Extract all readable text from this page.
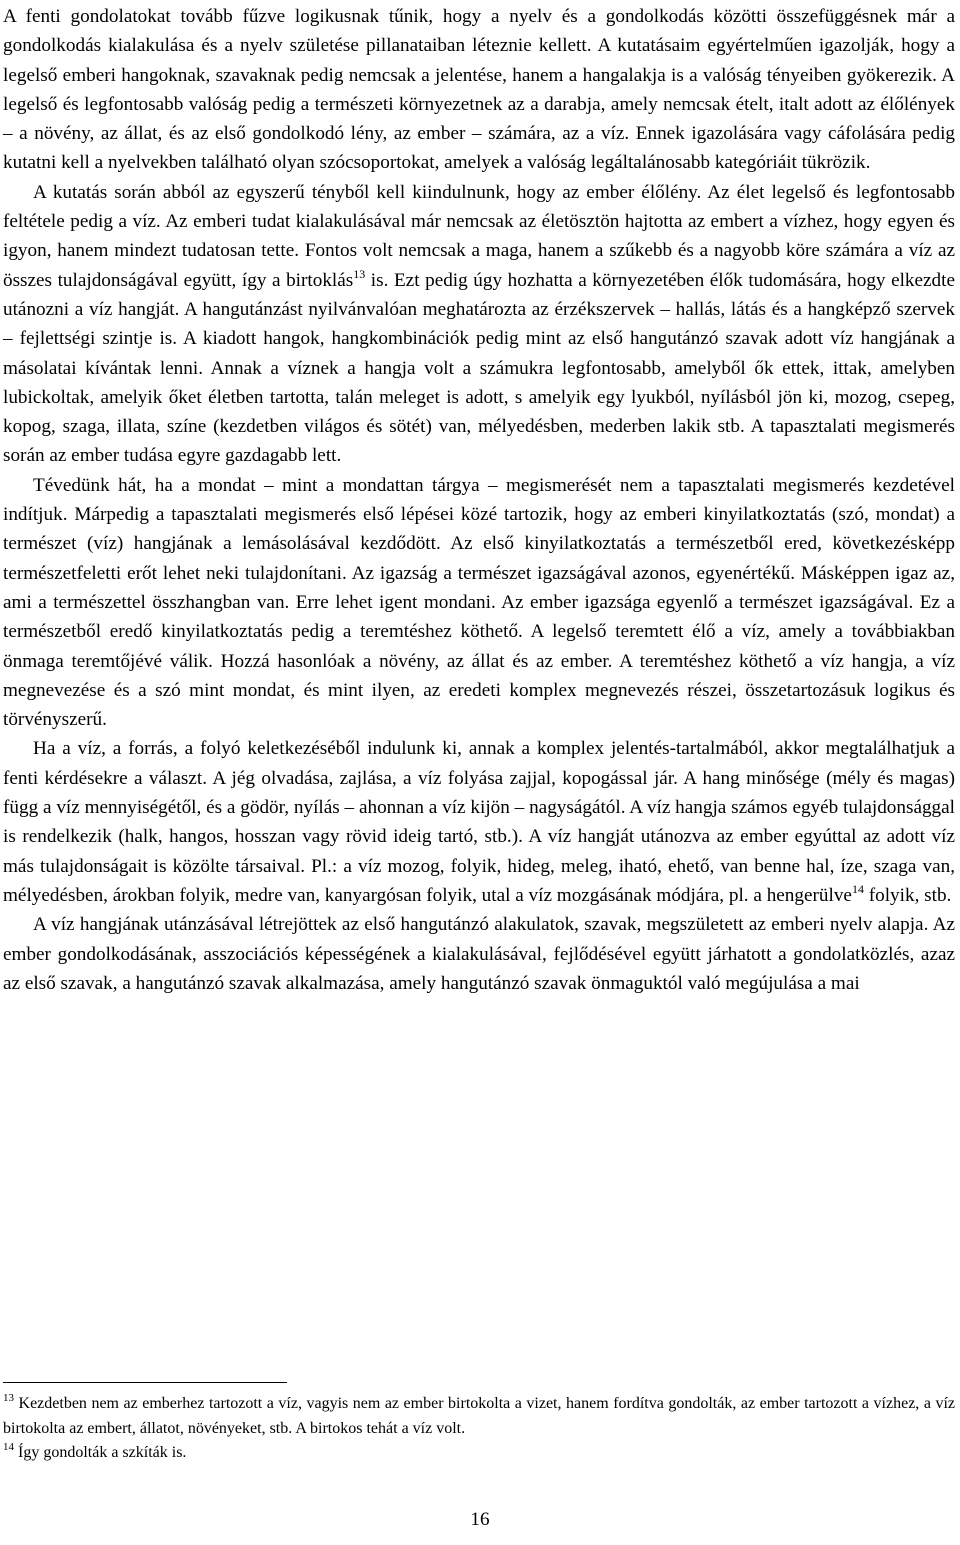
A fenti gondolatokat tovább fűzve logikusnak tűnik, hogy a nyelv és a gondolkodás közötti összefüggésnek már a gondolkodás kialakulása és a nyelv születése pillanataiban léteznie kellett. A kutatásaim egyértelműen igazolják, hogy a legelső emberi hangoknak, szavaknak pedig nemcsak a jelentése, hanem a hangalakja is a valóság tényeiben gyökerezik. A legelső és legfontosabb valóság pedig a természeti környezetnek az a darabja, amely nemcsak ételt, italt adott az élőlények – a növény, az állat, és az első gondolkodó lény, az ember – számára, az a víz. Ennek igazolására vagy cáfolására pedig kutatni kell a nyelvekben található olyan szócsoportokat, amelyek a valóság legáltalánosabb kategóriáit tükrözik.

A kutatás során abból az egyszerű tényből kell kiindulnunk, hogy az ember élőlény. Az élet legelső és legfontosabb feltétele pedig a víz. Az emberi tudat kialakulásával már nemcsak az életösztön hajtotta az embert a vízhez, hogy egyen és igyon, hanem mindezt tudatosan tette. Fontos volt nemcsak a maga, hanem a szűkebb és a nagyobb köre számára a víz az összes tulajdonságával együtt, így a birtoklás$^{13}$ is. Ezt pedig úgy hozhatta a környezetében élők tudomására, hogy elkezdte utánozni a víz hangját. A hangutánzást nyilvánvalóan meghatározta az érzékszervek – hallás, látás és a hangképző szervek – fejlettségi szintje is. A kiadott hangok, hangkombinációk pedig mint az első hangutánzó szavak adott víz hangjának a másolatai kívántak lenni. Annak a víznek a hangja volt a számukra legfontosabb, amelyből ők ettek, ittak, amelyben lubickoltak, amelyik őket életben tartotta, talán meleget is adott, s amelyik egy lyukból, nyílásból jön ki, mozog, csepeg, kopog, szaga, illata, színe (kezdetben világos és sötét) van, mélyedésben, mederben lakik stb. A tapasztalati megismerés során az ember tudása egyre gazdagabb lett.

Tévedünk hát, ha a mondat – mint a mondattan tárgya – megismerését nem a tapasztalati megismerés kezdetével indítjuk. Márpedig a tapasztalati megismerés első lépései közé tartozik, hogy az emberi kinyilatkoztatás (szó, mondat) a természet (víz) hangjának a lemásolásával kezdődött. Az első kinyilatkoztatás a természetből ered, következésképp természetfeletti erőt lehet neki tulajdonítani. Az igazság a természet igazságával azonos, egyenértékű. Másképpen igaz az, ami a természettel összhangban van. Erre lehet igent mondani. Az ember igazsága egyenlő a természet igazságával. Ez a természetből eredő kinyilatkoztatás pedig a teremtéshez köthető. A legelső teremtett élő a víz, amely a továbbiakban önmaga teremtőjévé válik. Hozzá hasonlóak a növény, az állat és az ember. A teremtéshez köthető a víz hangja, a víz megnevezése és a szó mint mondat, és mint ilyen, az eredeti komplex megnevezés részei, összetartozásuk logikus és törvényszerű.

Ha a víz, a forrás, a folyó keletkezéséből indulunk ki, annak a komplex jelentés-tartalmából, akkor megtalálhatjuk a fenti kérdésekre a választ. A jég olvadása, zajlása, a víz folyása zajjal, kopogással jár. A hang minősége (mély és magas) függ a víz mennyiségétől, és a gödör, nyílás – ahonnan a víz kijön – nagyságától. A víz hangja számos egyéb tulajdonsággal is rendelkezik (halk, hangos, hosszan vagy rövid ideig tartó, stb.). A víz hangját utánozva az ember egyúttal az adott víz más tulajdonságait is közölte társaival. Pl.: a víz mozog, folyik, hideg, meleg, iható, ehető, van benne hal, íze, szaga van, mélyedésben, árokban folyik, medre van, kanyargósan folyik, utal a víz mozgásának módjára, pl. a hengerülve$^{14}$ folyik, stb.

A víz hangjának utánzásával létrejöttek az első hangutánzó alakulatok, szavak, megszületett az emberi nyelv alapja. Az ember gondolkodásának, asszociációs képességének a kialakulásával, fejlődésével együtt járhatott a gondolatközlés, azaz az első szavak, a hangutánzó szavak alkalmazása, amely hangutánzó szavak önmaguktól való megújulása a mai

$^{13}$ Kezdetben nem az emberhez tartozott a víz, vagyis nem az ember birtokolta a vizet, hanem fordítva gondolták, az ember tartozott a vízhez, a víz birtokolta az embert, állatot, növényeket, stb. A birtokos tehát a víz volt.

$^{14}$ Így gondolták a szkíták is.

16
